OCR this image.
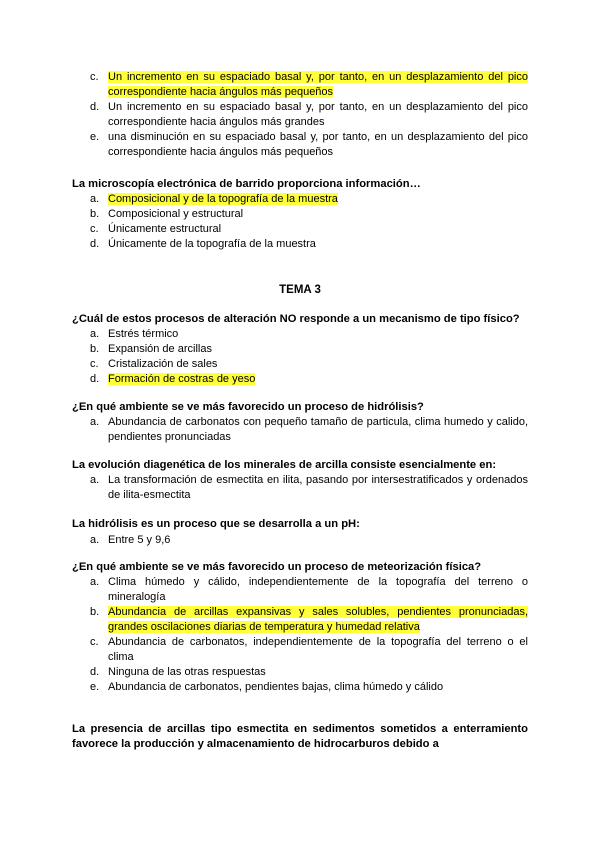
c. Un incremento en su espaciado basal y, por tanto, en un desplazamiento del pico correspondiente hacia ángulos más pequeños
d. Un incremento en su espaciado basal y, por tanto, en un desplazamiento del pico correspondiente hacia ángulos más grandes
e. una disminución en su espaciado basal y, por tanto, en un desplazamiento del pico correspondiente hacia ángulos más pequeños
La microscopía electrónica de barrido proporciona información…
a. Composicional y de la topografía de la muestra
b. Composicional y estructural
c. Únicamente estructural
d. Únicamente de la topografía de la muestra
TEMA 3
¿Cuál de estos procesos de alteración NO responde a un mecanismo de tipo físico?
a. Estrés térmico
b. Expansión de arcillas
c. Cristalización de sales
d. Formación de costras de yeso
¿En qué ambiente se ve más favorecido un proceso de hidrólisis?
a. Abundancia de carbonatos con pequeño tamaño de particula, clima humedo y calido, pendientes pronunciadas
La evolución diagenética de los minerales de arcilla consiste esencialmente en:
a. La transformación de esmectita en ilita, pasando por intersestratificados y ordenados de ilita-esmectita
La hidrólisis es un proceso que se desarrolla a un pH:
a. Entre 5 y 9,6
¿En qué ambiente se ve más favorecido un proceso de meteorización física?
a. Clima húmedo y cálido, independientemente de la topografía del terreno o mineralogía
b. Abundancia de arcillas expansivas y sales solubles, pendientes pronunciadas, grandes oscilaciones diarias de temperatura y humedad relativa
c. Abundancia de carbonatos, independientemente de la topografía del terreno o el clima
d. Ninguna de las otras respuestas
e. Abundancia de carbonatos, pendientes bajas, clima húmedo y cálido
La presencia de arcillas tipo esmectita en sedimentos sometidos a enterramiento favorece la producción y almacenamiento de hidrocarburos debido a
